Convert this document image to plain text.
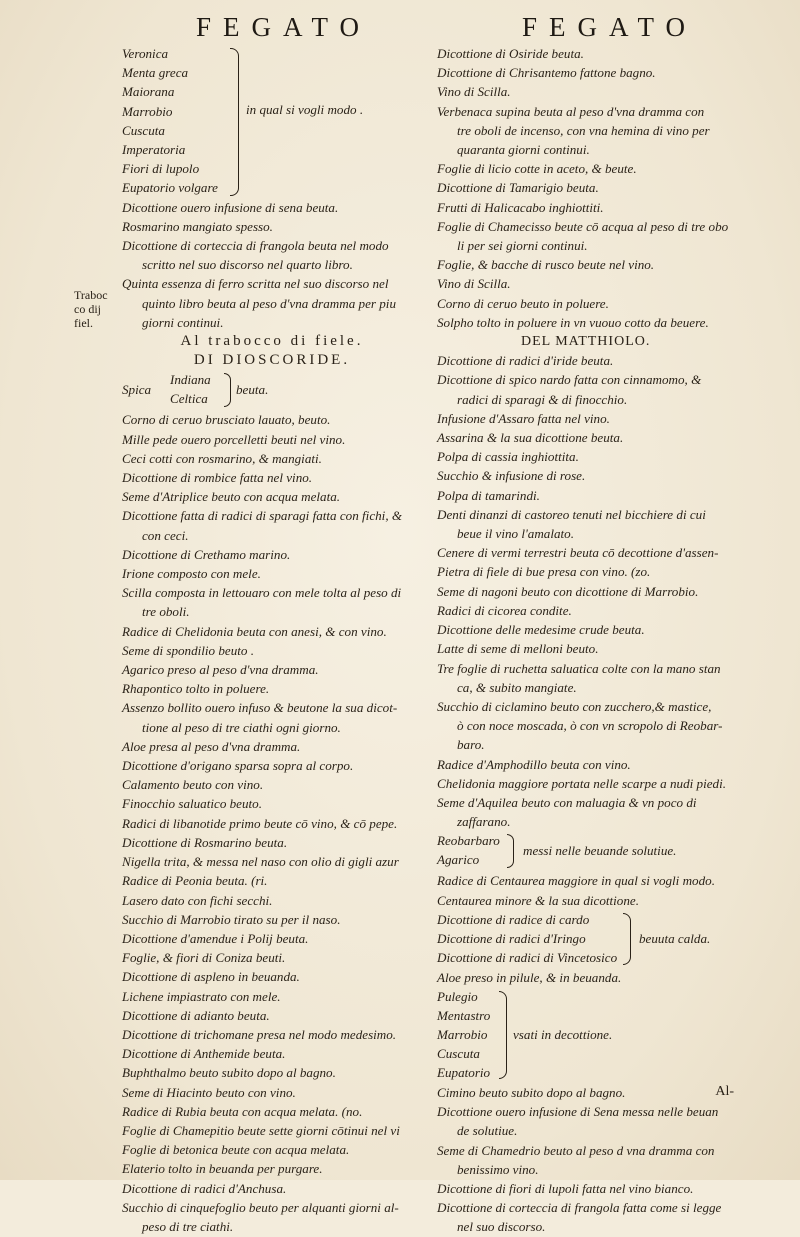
FEGATO	FEGATO
Traboc
co dij
fiel.
in qual si vogli modo .
Veronica
Menta greca
Maiorana
Marrobio
Cuscuta
Imperatoria
Fiori di lupolo
Eupatorio volgare
Dicottione ouero infusione di sena beuta.
Rosmarino mangiato spesso.
Dicottione di corteccia di frangola beuta nel modo
scritto nel suo discorso nel quarto libro.
Quinta essenza di ferro scritta nel suo discorso nel
quinto libro beuta al peso d'vna dramma per piu
giorni continui.
Al trabocco di fiele.
DI DIOSCORIDE.
Spica
Indiana
Celtica
beuta.
Corno di ceruo brusciato lauato, beuto.
Mille pede ouero porcelletti beuti nel vino.
Ceci cotti con rosmarino, & mangiati.
Dicottione di rombice fatta nel vino.
Seme d'Atriplice beuto con acqua melata.
Dicottione fatta di radici di sparagi fatta con fichi, &
con ceci.
Dicottione di Crethamo marino.
Irione composto con mele.
Scilla composta in lettouaro con mele tolta al peso di
tre oboli.
Radice di Chelidonia beuta con anesi, & con vino.
Seme di spondilio beuto .
Agarico preso al peso d'vna dramma.
Rhapontico tolto in poluere.
Assenzo bollito ouero infuso & beutone la sua dicot-
tione al peso di tre ciathi ogni giorno.
Aloe presa al peso d'vna dramma.
Dicottione d'origano sparsa sopra al corpo.
Calamento beuto con vino.
Finocchio saluatico beuto.
Radici di libanotide primo beute cō vino, & cō pepe.
Dicottione di Rosmarino beuta.
Nigella trita, & messa nel naso con olio di gigli azur
Radice di Peonia beuta. (ri.
Lasero dato con fichi secchi.
Succhio di Marrobio tirato su per il naso.
Dicottione d'amendue i Polij beuta.
Foglie, & fiori di Coniza beuti.
Dicottione di aspleno in beuanda.
Lichene impiastrato con mele.
Dicottione di adianto beuta.
Dicottione di trichomane presa nel modo medesimo.
Dicottione di Anthemide beuta.
Buphthalmo beuto subito dopo al bagno.
Seme di Hiacinto beuto con vino.
Radice di Rubia beuta con acqua melata. (no.
Foglie di Chamepitio beute sette giorni cōtinui nel vi
Foglie di betonica beute con acqua melata.
Elaterio tolto in beuanda per purgare.
Dicottione di radici d'Anchusa.
Succhio di cinquefoglio beuto per alquanti giorni al-
peso di tre ciathi.
Dicottione di Osiride beuta.
Dicottione di Chrisantemo fattone bagno.
Vino di Scilla.
Verbenaca supina beuta al peso d'vna dramma con
tre oboli de incenso, con vna hemina di vino per
quaranta giorni continui.
Foglie di licio cotte in aceto, & beute.
Dicottione di Tamarigio beuta.
Frutti di Halicacabo inghiottiti.
Foglie di Chamecisso beute cō acqua al peso di tre obo
li per sei giorni continui.
Foglie, & bacche di rusco beute nel vino.
Vino di Scilla.
Corno di ceruo beuto in poluere.
Solpho tolto in poluere in vn vuouo cotto da beuere.
DEL MATTHIOLO.
Dicottione di radici d'iride beuta.
Dicottione di spico nardo fatta con cinnamomo, &
radici di sparagi & di finocchio.
Infusione d'Assaro fatta nel vino.
Assarina & la sua dicottione beuta.
Polpa di cassia inghiottita.
Succhio & infusione di rose.
Polpa di tamarindi.
Denti dinanzi di castoreo tenuti nel bicchiere di cui
beue il vino l'amalato.
Cenere di vermi terrestri beuta cō decottione d'assen-
Pietra di fiele di bue presa con vino. (zo.
Seme di nagoni beuto con dicottione di Marrobio.
Radici di cicorea condite.
Dicottione delle medesime crude beuta.
Latte di seme di melloni beuto.
Tre foglie di ruchetta saluatica colte con la mano stan
ca, & subito mangiate.
Succhio di ciclamino beuto con zucchero,& mastice,
ò con noce moscada, ò con vn scropolo di Reobar-
baro.
Radice d'Amphodillo beuta con vino.
Chelidonia maggiore portata nelle scarpe a nudi piedi.
Seme d'Aquilea beuto con maluagia & vn poco di
zaffarano.
Reobarbaro
Agarico
messi nelle beuande solutiue.
Radice di Centaurea maggiore in qual si vogli modo.
Centaurea minore & la sua dicottione.
Dicottione di radice di cardo
Dicottione di radici d'Iringo
Dicottione di radici di Vincetosico
beuuta calda.
Aloe preso in pilule, & in beuanda.
Pulegio
Mentastro
Marrobio
Cuscuta
Eupatorio
vsati in decottione.
Cimino beuto subito dopo al bagno.
Dicottione ouero infusione di Sena messa nelle beuan
de solutiue.
Seme di Chamedrio beuto al peso d vna dramma con
benissimo vino.
Dicottione di fiori di lupoli fatta nel vino bianco.
Dicottione di corteccia di frangola fatta come si legge
nel suo discorso.
Al-
